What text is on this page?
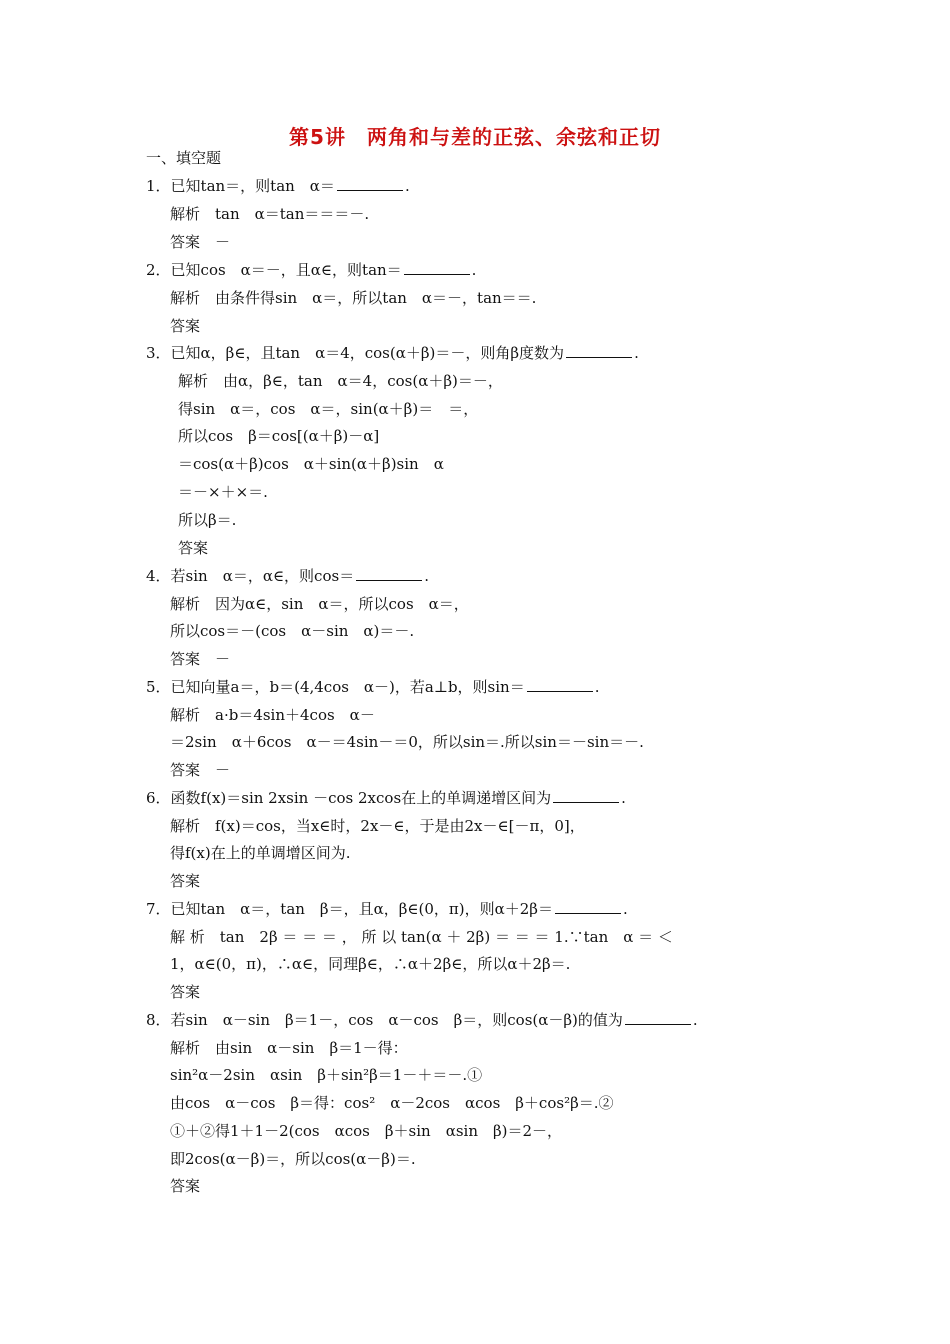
第5讲　两角和与差的正弦、余弦和正切
一、填空题
1．已知tan＝，则tan　α＝	.
解析　tan　α＝tan＝＝＝－.
答案　－
2．已知cos　α＝－，且α∈，则tan＝	.
解析　由条件得sin　α＝，所以tan　α＝－，tan＝＝.
答案
3．已知α，β∈，且tan　α＝4，cos(α＋β)＝－，则角β度数为	.
解析　由α，β∈，tan　α＝4，cos(α＋β)＝－，
得sin　α＝，cos　α＝，sin(α＋β)＝　＝，
所以cos　β＝cos[(α＋β)－α]
＝cos(α＋β)cos　α＋sin(α＋β)sin　α
＝－×＋×＝.
所以β＝.
答案
4．若sin　α＝，α∈，则cos＝	.
解析　因为α∈，sin　α＝，所以cos　α＝，
所以cos＝－(cos　α－sin　α)＝－.
答案　－
5．已知向量a＝，b＝(4,4cos　α－)，若a⊥b，则sin＝	.
解析　a·b＝4sin＋4cos　α－
＝2sin　α＋6cos　α－＝4sin－＝0，所以sin＝.所以sin＝－sin＝－.
答案　－
6．函数f(x)＝sin 2xsin －cos 2xcos在上的单调递增区间为	.
解析　f(x)＝cos，当x∈时，2x－∈，于是由2x－∈[－π，0]，
得f(x)在上的单调增区间为.
答案
7．已知tan　α＝，tan　β＝，且α，β∈(0，π)，则α＋2β＝	.
解 析　tan　2β ＝ ＝ ＝ ， 所 以 tan(α ＋ 2β) ＝ ＝ ＝ 1.∵tan　α ＝ ＜
1，α∈(0，π)，∴α∈，同理β∈，∴α＋2β∈，所以α＋2β＝.
答案
8．若sin　α－sin　β＝1－，cos　α－cos　β＝，则cos(α－β)的值为	.
解析　由sin　α－sin　β＝1－得：
sin²α－2sin　αsin　β＋sin²β＝1－＋＝－.①
由cos　α－cos　β＝得：cos²　α－2cos　αcos　β＋cos²β＝.②
①＋②得1＋1－2(cos　αcos　β＋sin　αsin　β)＝2－，
即2cos(α－β)＝，所以cos(α－β)＝.
答案
